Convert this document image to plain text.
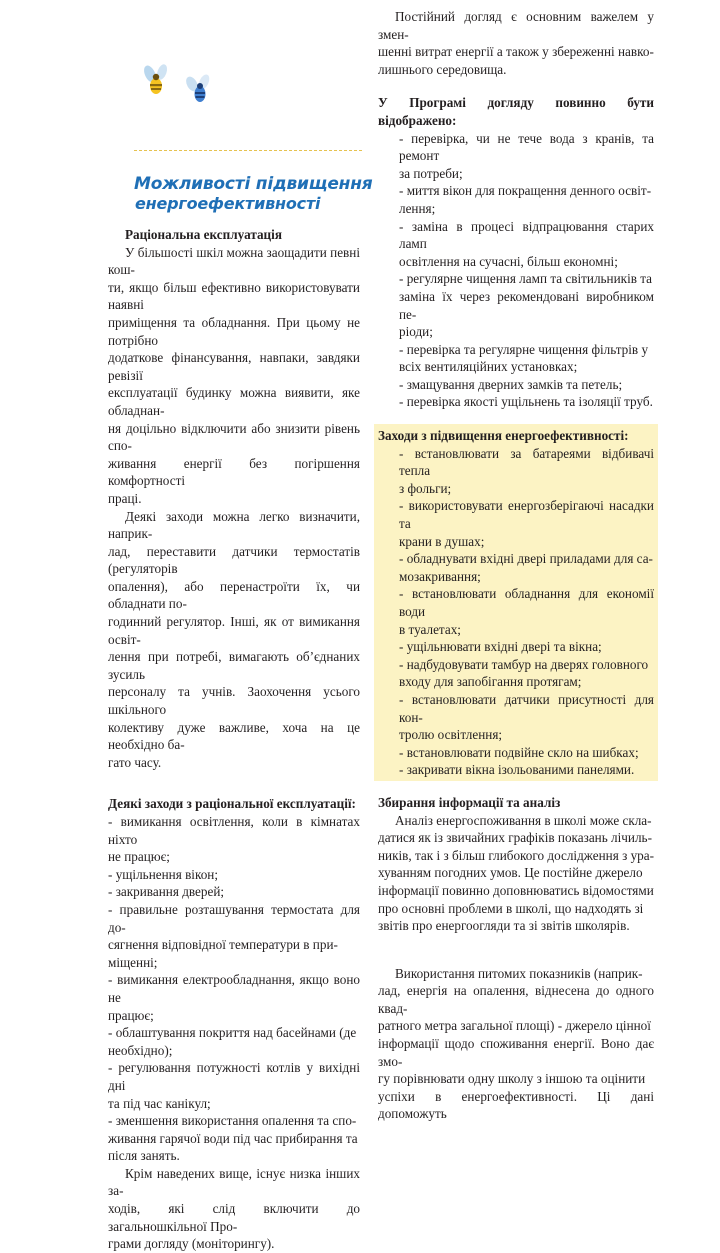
Можливості підвищення
енергоефективності

Раціональна експлуатація

У більшості шкіл можна заощадити певні кош-

ти, якщо більш ефективно використовувати наявні

приміщення та обладнання. При цьому не потрібно

додаткове фінансування, навпаки, завдяки ревізії

експлуатації будинку можна виявити, яке обладнан-

ня доцільно відключити або знизити рівень спо-

живання енергії без погіршення комфортності

праці.

Деякі заходи можна легко визначити, наприк-

лад, переставити датчики термостатів (регуляторів

опалення), або перенастроїти їх, чи обладнати по-

годинний регулятор. Інші, як от вимикання освіт-

лення при потребі, вимагають об’єднаних зусиль

персоналу та учнів. Заохочення усього шкільного

колективу дуже важливе, хоча на це необхідно ба-

гато часу.

Деякі заходи з раціональної експлуатації:

- вимикання освітлення, коли в кімнатах ніхто

не працює;

- ущільнення вікон;

- закривання дверей;

- правильне розташування термостата для до-

сягнення відповідної температури в при-

міщенні;

- вимикання електрообладнання, якщо воно не

працює;

- облаштування покриття над басейнами (де

необхідно);

- регулювання потужності котлів у вихідні дні

та під час канікул;

- зменшення використання опалення та спо-

живання гарячої води під час прибирання та

після занять.

Крім наведених вище, існує низка інших за-

ходів, які слід включити до загальношкільної Про-

грами догляду (моніторингу).

Постійний догляд є основним важелем у змен-

шенні витрат енергії а також у збереженні навко-

лишнього середовища.

У Програмі догляду повинно бути відображено:

- перевірка, чи не тече вода з кранів, та ремонт

за потреби;

- миття вікон для покращення денного освіт-

лення;

- заміна в процесі відпрацювання старих ламп

освітлення на сучасні, більш економні;

- регулярне чищення ламп та світильників та

заміна їх через рекомендовані виробником пе-

ріоди;

- перевірка та регулярне чищення фільтрів у

всіх вентиляційних установках;

- змащування дверних замків та петель;

- перевірка якості ущільнень та ізоляції труб.

Заходи з підвищення енергоефективності:

- встановлювати за батареями відбивачі тепла

з фольги;

- використовувати енергозберігаючі насадки та

крани в душах;

- обладнувати вхідні двері приладами для са-

мозакривання;

- встановлювати обладнання для економії води

в туалетах;

- ущільнювати вхідні двері та вікна;

- надбудовувати тамбур на дверях головного

входу для запобігання протягам;

- встановлювати датчики присутності для кон-

тролю освітлення;

- встановлювати подвійне скло на шибках;

- закривати вікна ізольованими панелями.

Збирання інформації та аналіз

Аналіз енергоспоживання в школі може скла-

датися як із звичайних графіків показань лічиль-

ників, так і з більш глибокого дослідження з ура-

хуванням погодних умов. Це постійне джерело

інформації повинно доповнюватись відомостями

про основні проблеми в школі, що надходять зі

звітів про енергоогляди та зі звітів школярів.

Використання питомих показників (наприк-

лад, енергія на опалення, віднесена до одного квад-

ратного метра загальної площі) - джерело цінної

інформації щодо споживання енергії. Воно дає змо-

гу порівнювати одну школу з іншою та оцінити

успіхи в енергоефективності. Ці дані допоможуть
